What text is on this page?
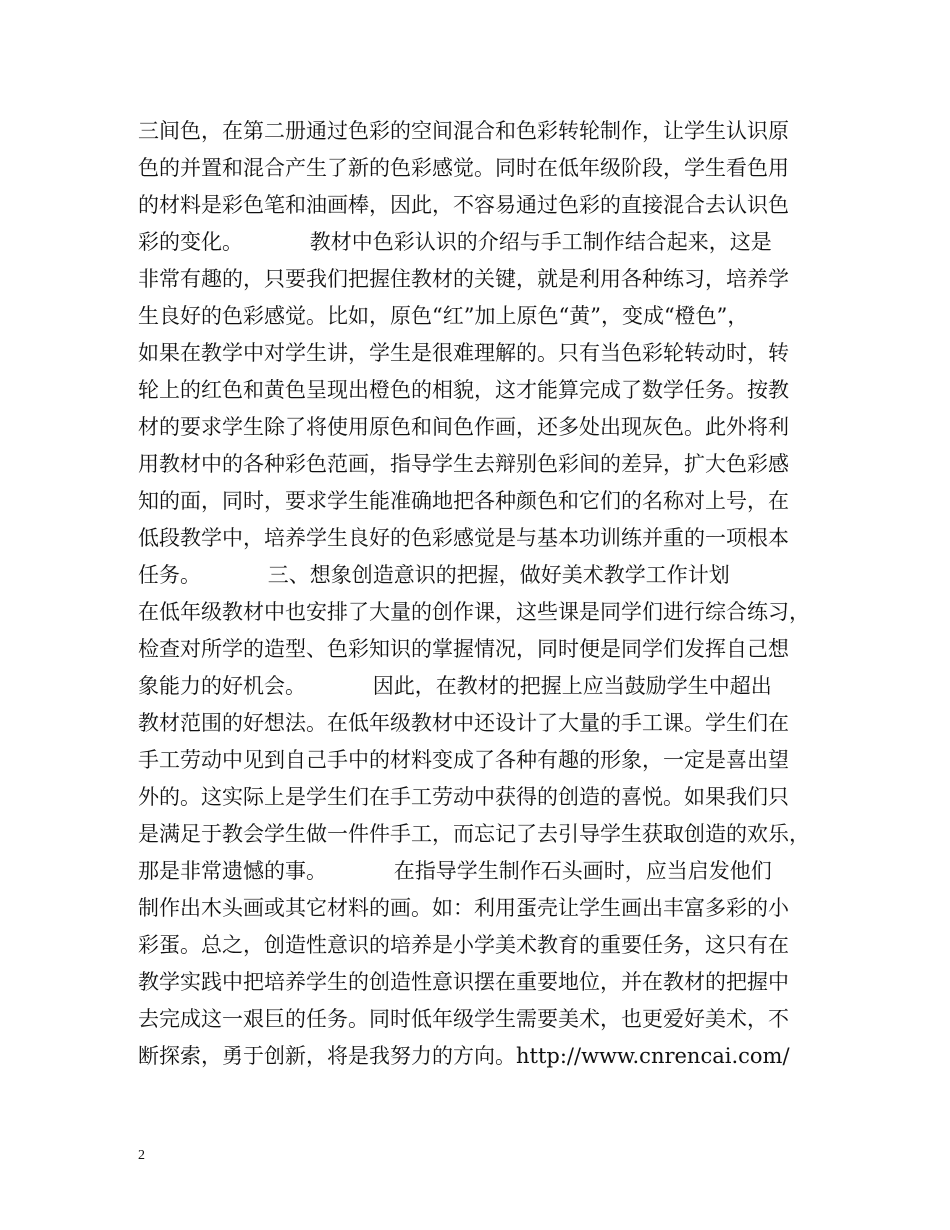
三间色，在第二册通过色彩的空间混合和色彩转轮制作，让学生认识原
色的并置和混合产生了新的色彩感觉。同时在低年级阶段，学生看色用
的材料是彩色笔和油画棒，因此，不容易通过色彩的直接混合去认识色
彩的变化。          教材中色彩认识的介绍与手工制作结合起来，这是
非常有趣的，只要我们把握住教材的关键，就是利用各种练习，培养学
生良好的色彩感觉。比如，原色“红”加上原色“黄”，变成“橙色”，
如果在教学中对学生讲，学生是很难理解的。只有当色彩轮转动时，转
轮上的红色和黄色呈现出橙色的相貌，这才能算完成了数学任务。按教
材的要求学生除了将使用原色和间色作画，还多处出现灰色。此外将利
用教材中的各种彩色范画，指导学生去辩别色彩间的差异，扩大色彩感
知的面，同时，要求学生能准确地把各种颜色和它们的名称对上号，在
低段教学中，培养学生良好的色彩感觉是与基本功训练并重的一项根本
任务。          三、想象创造意识的把握，做好美术教学工作计划
在低年级教材中也安排了大量的创作课，这些课是同学们进行综合练习，
检查对所学的造型、色彩知识的掌握情况，同时便是同学们发挥自己想
象能力的好机会。          因此，在教材的把握上应当鼓励学生中超出
教材范围的好想法。在低年级教材中还设计了大量的手工课。学生们在
手工劳动中见到自己手中的材料变成了各种有趣的形象，一定是喜出望
外的。这实际上是学生们在手工劳动中获得的创造的喜悦。如果我们只
是满足于教会学生做一件件手工，而忘记了去引导学生获取创造的欢乐，
那是非常遗憾的事。          在指导学生制作石头画时，应当启发他们
制作出木头画或其它材料的画。如：利用蛋壳让学生画出丰富多彩的小
彩蛋。总之，创造性意识的培养是小学美术教育的重要任务，这只有在
教学实践中把培养学生的创造性意识摆在重要地位，并在教材的把握中
去完成这一艰巨的任务。同时低年级学生需要美术，也更爱好美术，不
断探索，勇于创新，将是我努力的方向。http://www.cnrencai.com/
2
